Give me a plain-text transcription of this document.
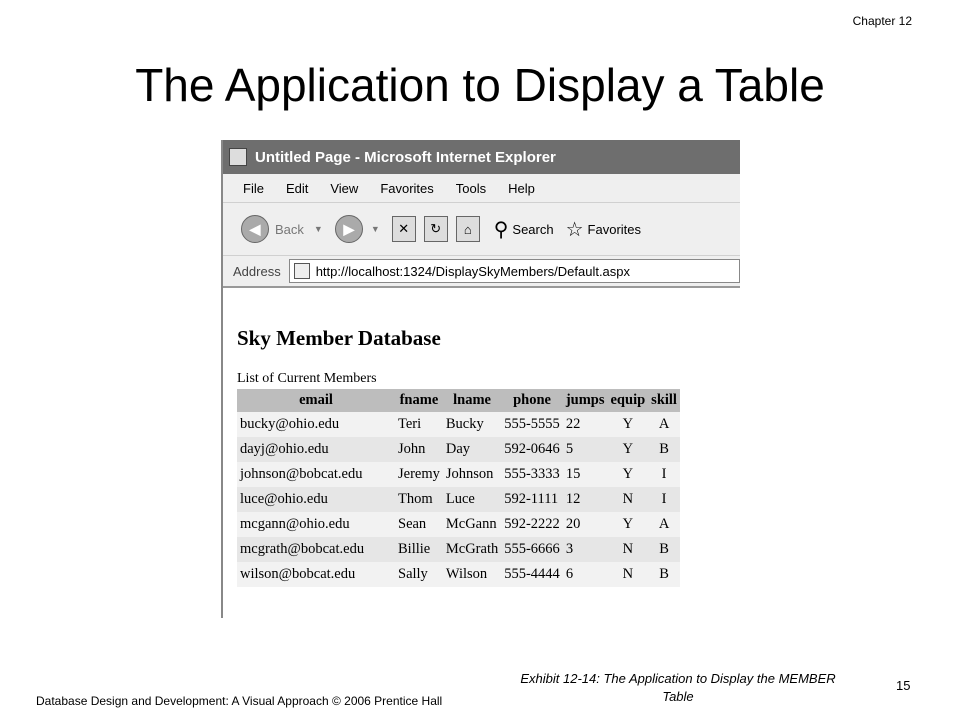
Chapter 12
The Application to Display a Table
Untitled Page - Microsoft Internet Explorer
File Edit View Favorites Tools Help
◀	Back ▼	▶	▼	✕	↻	⌂	⚲ Search ☆ Favorites
Address	http://localhost:1324/DisplaySkyMembers/Default.aspx
Sky Member Database
List of Current Members
email	fname	lname	phone	jumps	equip	skill
bucky@ohio.edu	Teri	Bucky	555-5555	22	Y	A
dayj@ohio.edu	John	Day	592-0646	5	Y	B
johnson@bobcat.edu	Jeremy	Johnson	555-3333	15	Y	I
luce@ohio.edu	Thom	Luce	592-1111	12	N	I
mcgann@ohio.edu	Sean	McGann	592-2222	20	Y	A
mcgrath@bobcat.edu	Billie	McGrath	555-6666	3	N	B
wilson@bobcat.edu	Sally	Wilson	555-4444	6	N	B
Database Design and Development: A Visual Approach © 2006 Prentice Hall
Exhibit 12-14: The Application to Display the MEMBER Table
15
